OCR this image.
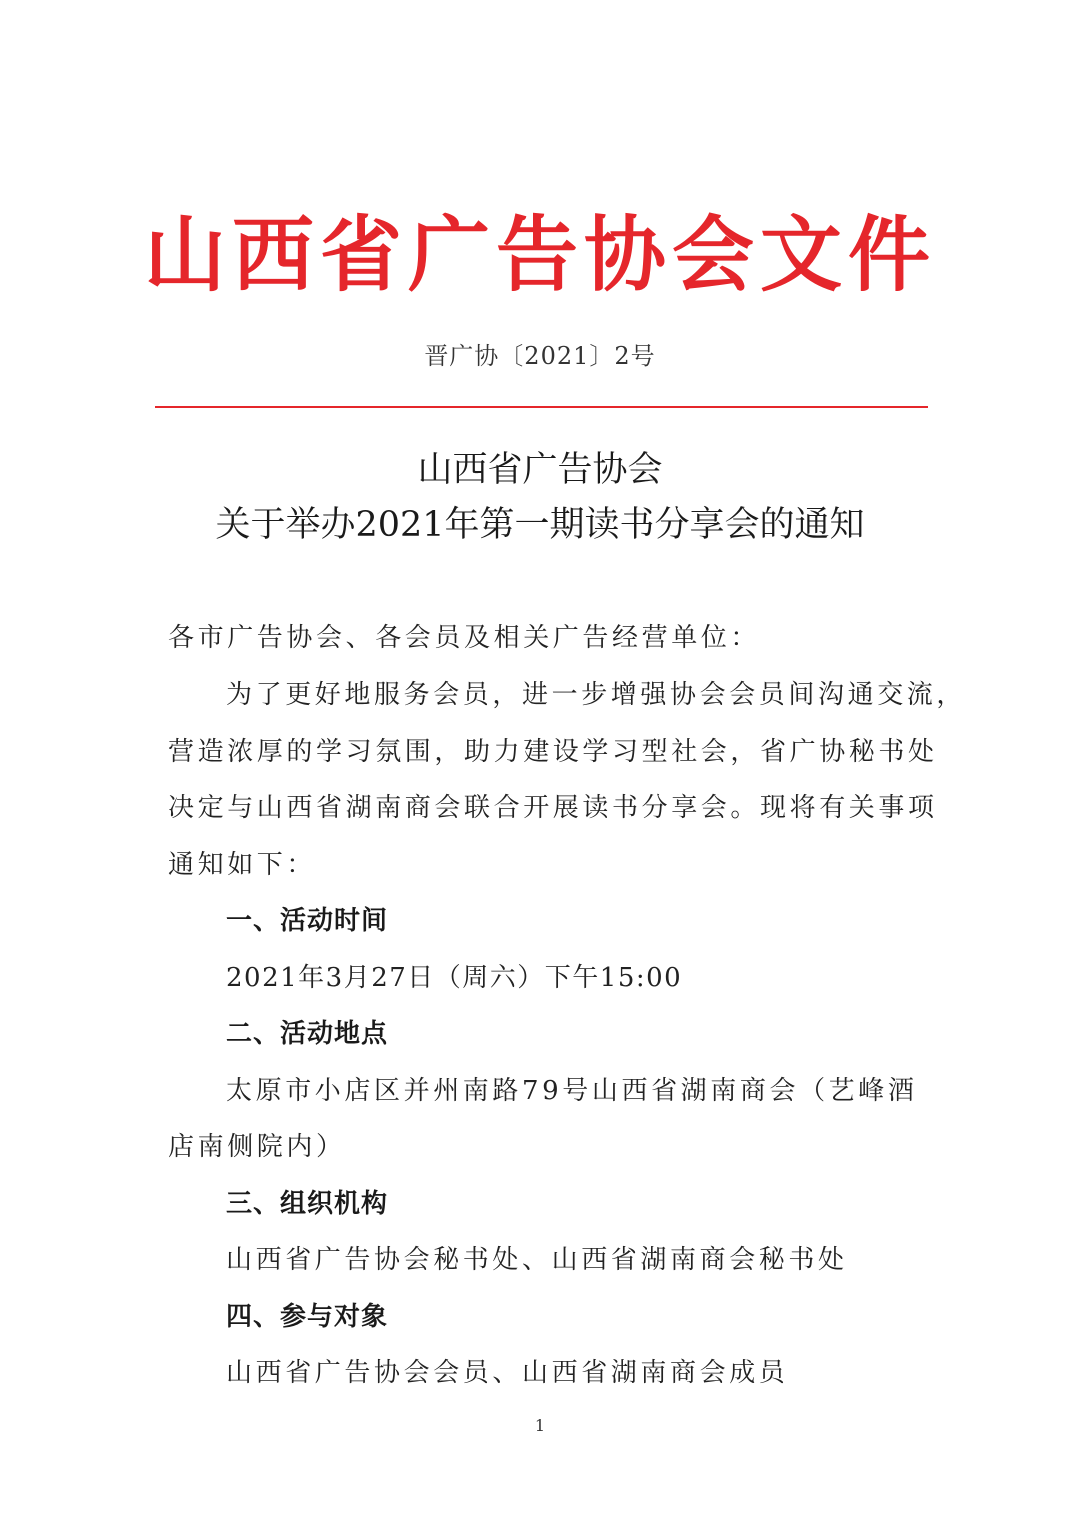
山西省广告协会文件
晋广协〔2021〕2号
山西省广告协会
关于举办2021年第一期读书分享会的通知
各市广告协会、各会员及相关广告经营单位：
为了更好地服务会员，进一步增强协会会员间沟通交流，
营造浓厚的学习氛围，助力建设学习型社会，省广协秘书处
决定与山西省湖南商会联合开展读书分享会。现将有关事项
通知如下：
一、活动时间
2021年3月27日（周六）下午15:00
二、活动地点
太原市小店区并州南路79号山西省湖南商会（艺峰酒
店南侧院内）
三、组织机构
山西省广告协会秘书处、山西省湖南商会秘书处
四、参与对象
山西省广告协会会员、山西省湖南商会成员
1
